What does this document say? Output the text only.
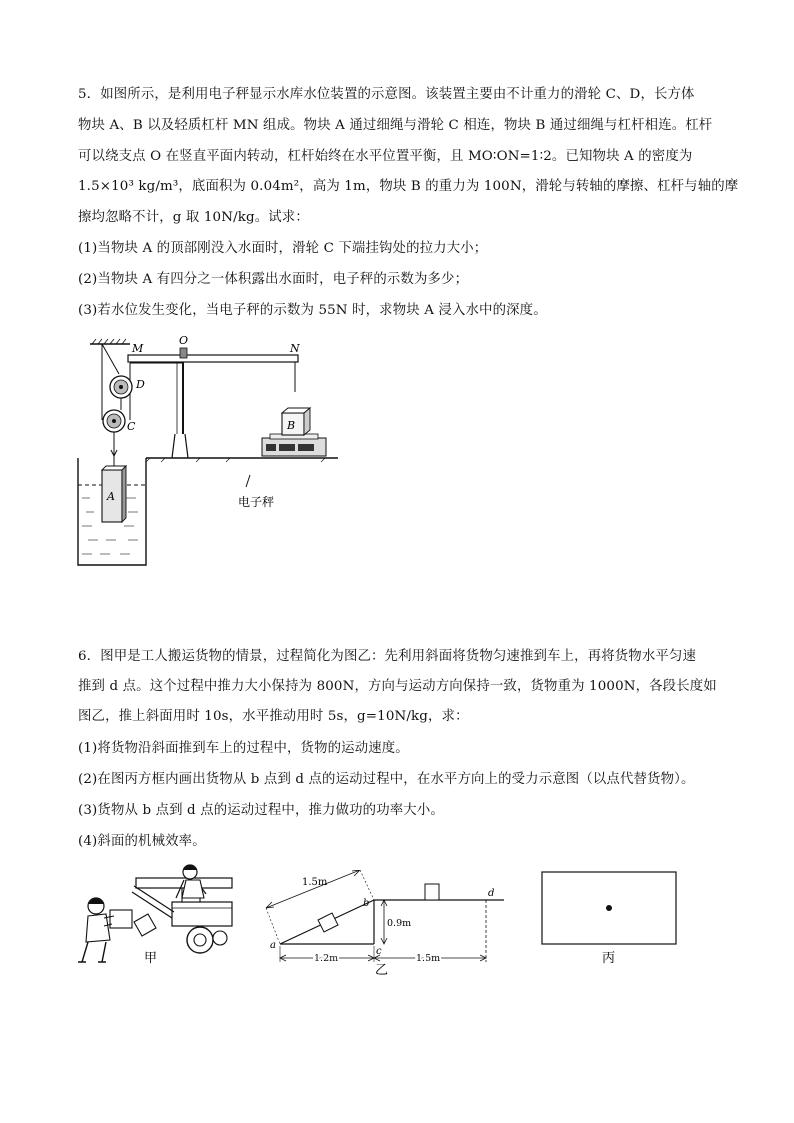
5．如图所示，是利用电子秤显示水库水位装置的示意图。该装置主要由不计重力的滑轮 C、D，长方体
物块 A、B 以及轻质杠杆 MN 组成。物块 A 通过细绳与滑轮 C 相连，物块 B 通过细绳与杠杆相连。杠杆
可以绕支点 O 在竖直平面内转动，杠杆始终在水平位置平衡，且 MO∶ON=1∶2。已知物块 A 的密度为
1.5×10³ kg/m³，底面积为 0.04m²，高为 1m，物块 B 的重力为 100N，滑轮与转轴的摩擦、杠杆与轴的摩
擦均忽略不计，g 取 10N/kg。试求：
(1)当物块 A 的顶部刚没入水面时，滑轮 C 下端挂钩处的拉力大小；
(2)当物块 A 有四分之一体积露出水面时，电子秤的示数为多少；
(3)若水位发生变化，当电子秤的示数为 55N 时，求物块 A 浸入水中的深度。
M
O
N
D
C
A
B
电子秤
6．图甲是工人搬运货物的情景，过程简化为图乙：先利用斜面将货物匀速推到车上，再将货物水平匀速
推到 d 点。这个过程中推力大小保持为 800N，方向与运动方向保持一致，货物重为 1000N，各段长度如
图乙，推上斜面用时 10s，水平推动用时 5s，g=10N/kg，求：
(1)将货物沿斜面推到车上的过程中，货物的运动速度。
(2)在图丙方框内画出货物从 b 点到 d 点的运动过程中，在水平方向上的受力示意图（以点代替货物）。
(3)货物从 b 点到 d 点的运动过程中，推力做功的功率大小。
(4)斜面的机械效率。
甲
1.5m
0.9m
1.2m	1.5m
a
b
c
d
乙
丙
